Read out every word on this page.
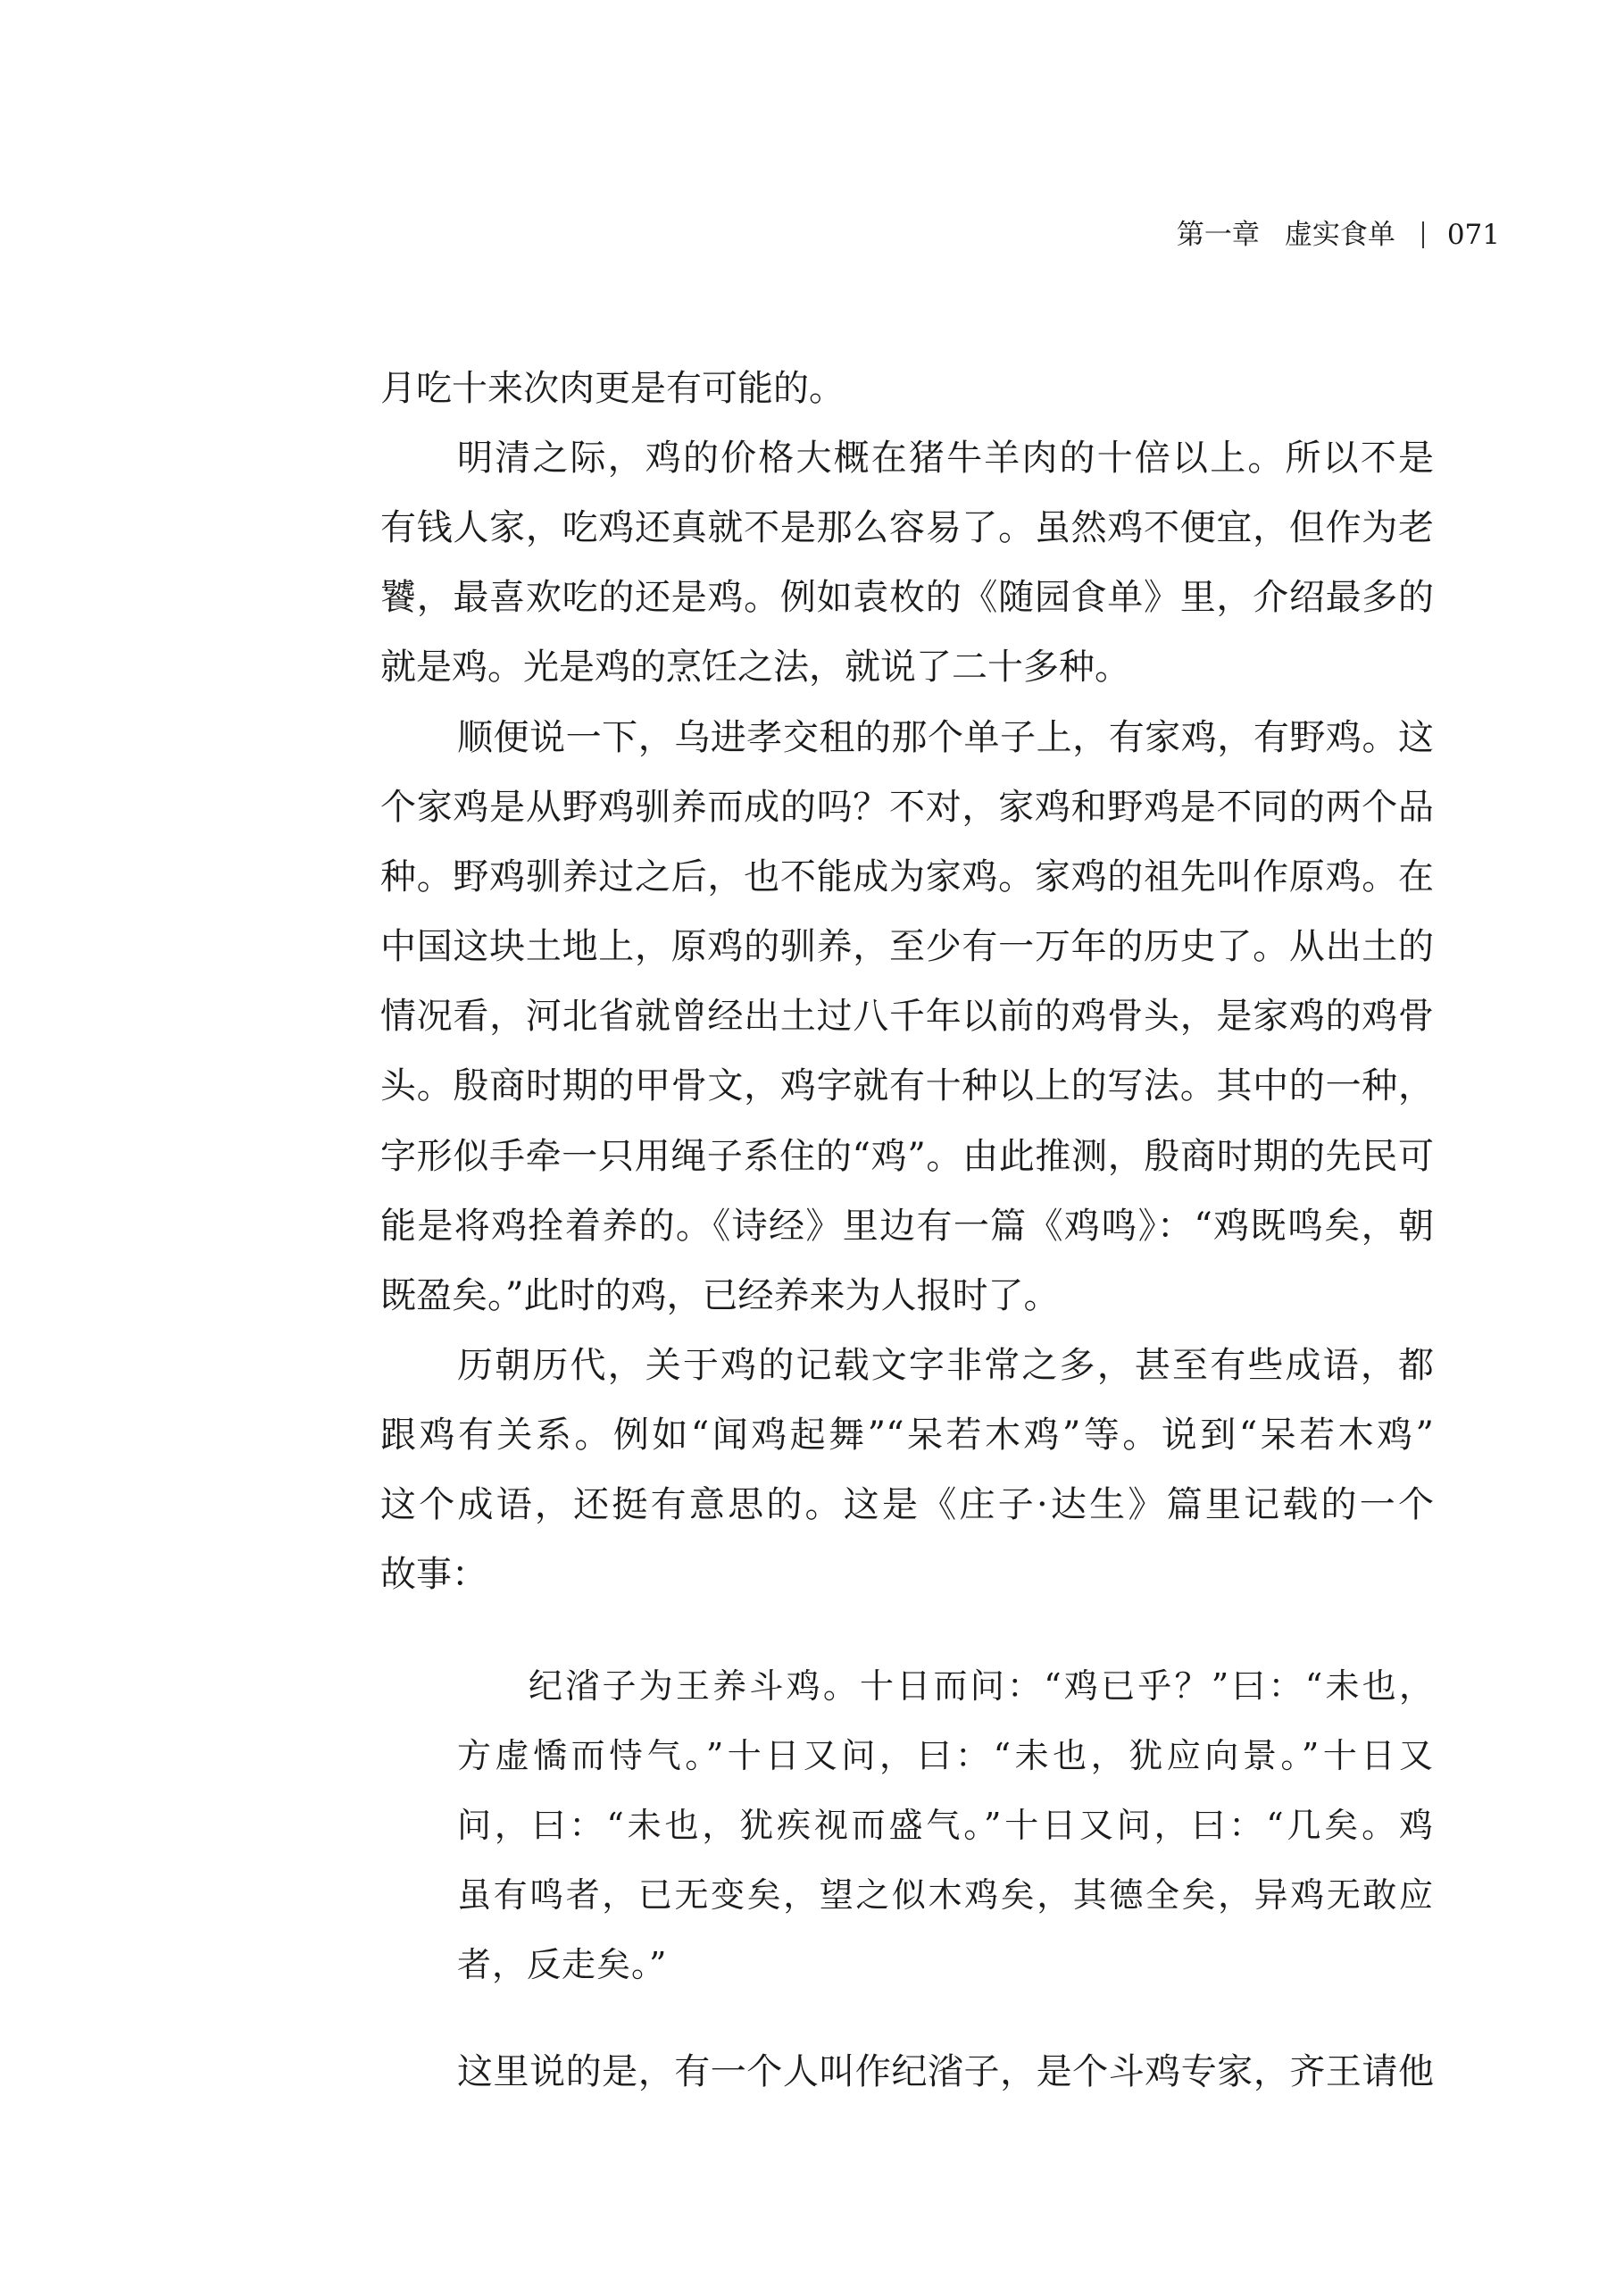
第一章 虚实食单 071
月吃十来次肉更是有可能的。
明清之际，鸡的价格大概在猪牛羊肉的十倍以上。所以不是
有钱人家，吃鸡还真就不是那么容易了。虽然鸡不便宜，但作为老
饕，最喜欢吃的还是鸡。例如袁枚的《随园食单》里，介绍最多的
就是鸡。光是鸡的烹饪之法，就说了二十多种。
顺便说一下，乌进孝交租的那个单子上，有家鸡，有野鸡。这
个家鸡是从野鸡驯养而成的吗？不对，家鸡和野鸡是不同的两个品
种。野鸡驯养过之后，也不能成为家鸡。家鸡的祖先叫作原鸡。在
中国这块土地上，原鸡的驯养，至少有一万年的历史了。从出土的
情况看，河北省就曾经出土过八千年以前的鸡骨头，是家鸡的鸡骨
头。殷商时期的甲骨文，鸡字就有十种以上的写法。其中的一种，
字形似手牵一只用绳子系住的“鸡”。由此推测，殷商时期的先民可
能是将鸡拴着养的。《诗经》里边有一篇《鸡鸣》：“鸡既鸣矣，朝
既盈矣。”此时的鸡，已经养来为人报时了。
历朝历代，关于鸡的记载文字非常之多，甚至有些成语，都
跟鸡有关系。例如“闻鸡起舞”“呆若木鸡”等。说到“呆若木鸡”
这个成语，还挺有意思的。这是《庄子·达生》篇里记载的一个
故事：
纪渻子为王养斗鸡。十日而问：“鸡已乎？”曰：“未也，
方虚憍而恃气。”十日又问，曰：“未也，犹应向景。”十日又
问，曰：“未也，犹疾视而盛气。”十日又问，曰：“几矣。鸡
虽有鸣者，已无变矣，望之似木鸡矣，其德全矣，异鸡无敢应
者，反走矣。”
这里说的是，有一个人叫作纪渻子，是个斗鸡专家，齐王请他
